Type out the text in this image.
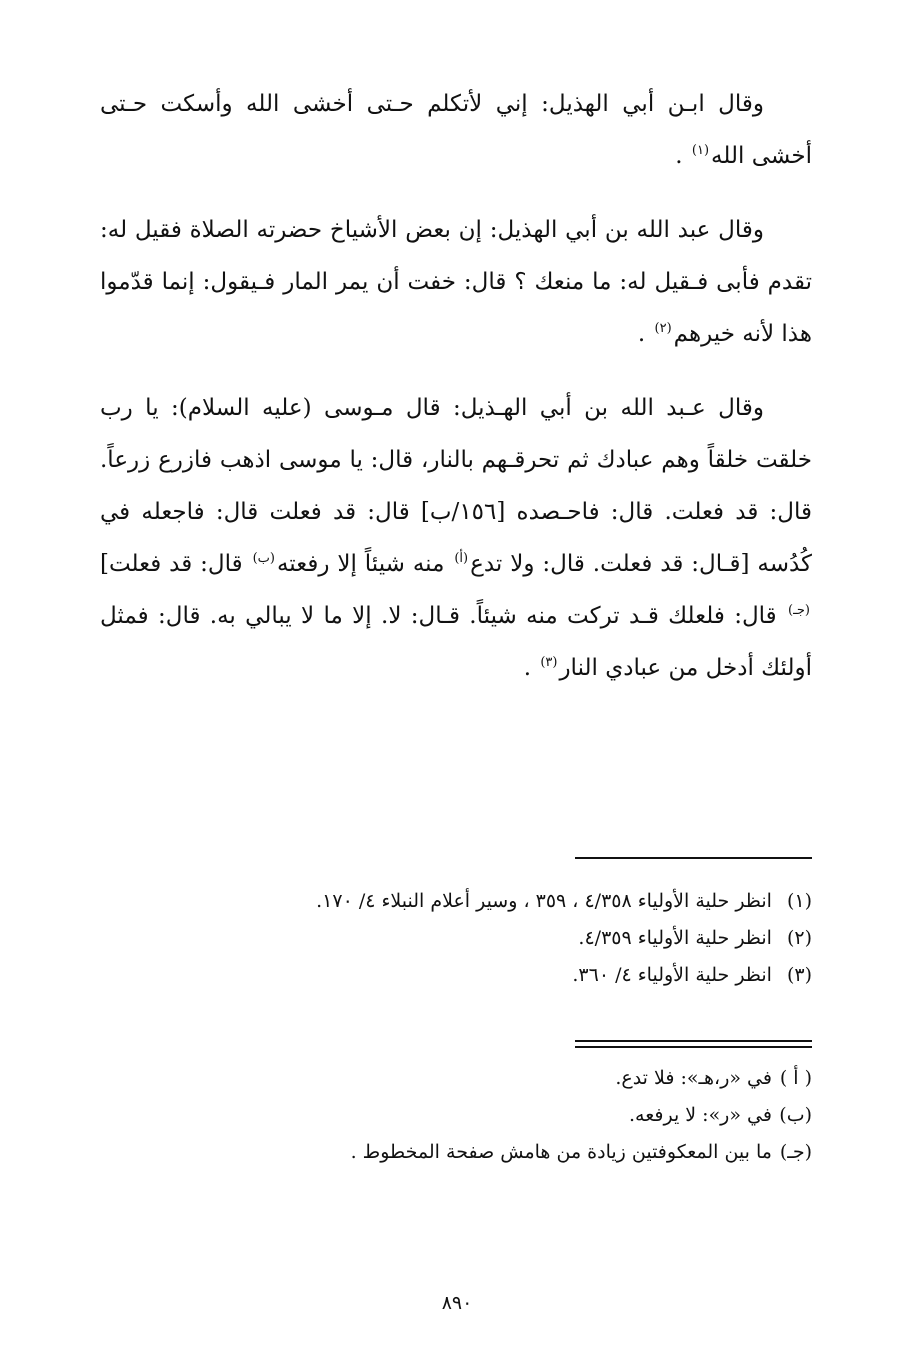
وقال ابـن أبي الهذيل: إني لأتكلم حـتى أخشى الله وأسكت حـتى أخشى الله$^{(١)}$ .

وقال عبد الله بن أبي الهذيل: إن بعض الأشياخ حضرته الصلاة فقيل له: تقدم فأبى فـقيل له: ما منعك ؟ قال: خفت أن يمر المار فـيقول: إنما قدّموا هذا لأنه خيرهم$^{(٢)}$ .

وقال عـبد الله بن أبي الهـذيل: قال مـوسى (عليه السلام): يا رب خلقت خلقاً وهم عبادك ثم تحرقـهم بالنار، قال: يا موسى اذهب فازرع زرعاً. قال: قد فعلت. قال: فاحـصده [١٥٦/ب] قال: قد فعلت قال: فاجعله في كُدُسه [قـال: قد فعلت. قال: ولا تدع$^{(أ)}$ منه شيئاً إلا رفعته$^{(ب)}$ قال: قد فعلت]$^{(جـ)}$ قال: فلعلك قـد تركت منه شيئاً. قـال: لا. إلا ما لا يبالي به. قال: فمثل أولئك أدخل من عبادي النار$^{(٣)}$ .

(١) انظر حلية الأولياء ٤/٣٥٨ ، ٣٥٩ ، وسير أعلام النبلاء ٤/ ١٧٠.
(٢) انظر حلية الأولياء ٤/٣٥٩.
(٣) انظر حلية الأولياء ٤/ ٣٦٠.
( أ ) في «ر،هـ»: فلا تدع.
(ب) في «ر»: لا يرفعه.
(جـ) ما بين المعكوفتين زيادة من هامش صفحة المخطوط .
٨٩٠
